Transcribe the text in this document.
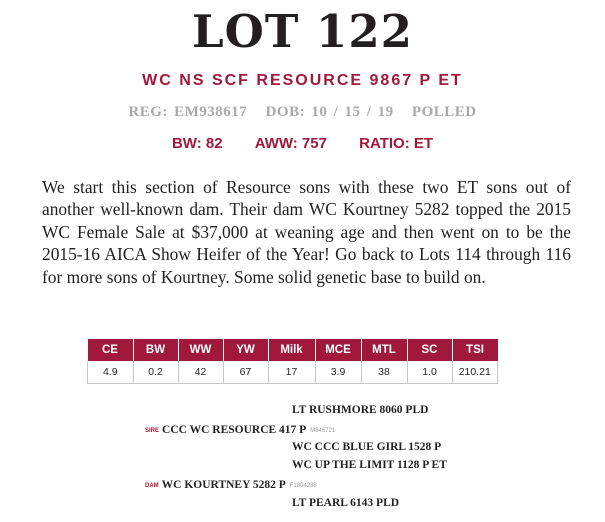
LOT 122
WC NS SCF RESOURCE 9867 P ET
REG: EM938617 DOB: 10 / 15 / 19 POLLED
BW: 82 AWW: 757 RATIO: ET
We start this section of Resource sons with these two ET sons out of another well-known dam. Their dam WC Kourtney 5282 topped the 2015 WC Female Sale at $37,000 at weaning age and then went on to be the 2015-16 AICA Show Heifer of the Year! Go back to Lots 114 through 116 for more sons of Kourtney. Some solid genetic base to build on.
CE	BW	WW	YW	Milk	MCE	MTL	SC	TSI
4.9	0.2	42	67	17	3.9	38	1.0	210.21
LT RUSHMORE 8060 PLD
SIRE CCC WC RESOURCE 417 P M846721
WC CCC BLUE GIRL 1528 P
WC UP THE LIMIT 1128 P ET
DAM WC KOURTNEY 5282 P F1804288
LT PEARL 6143 PLD
